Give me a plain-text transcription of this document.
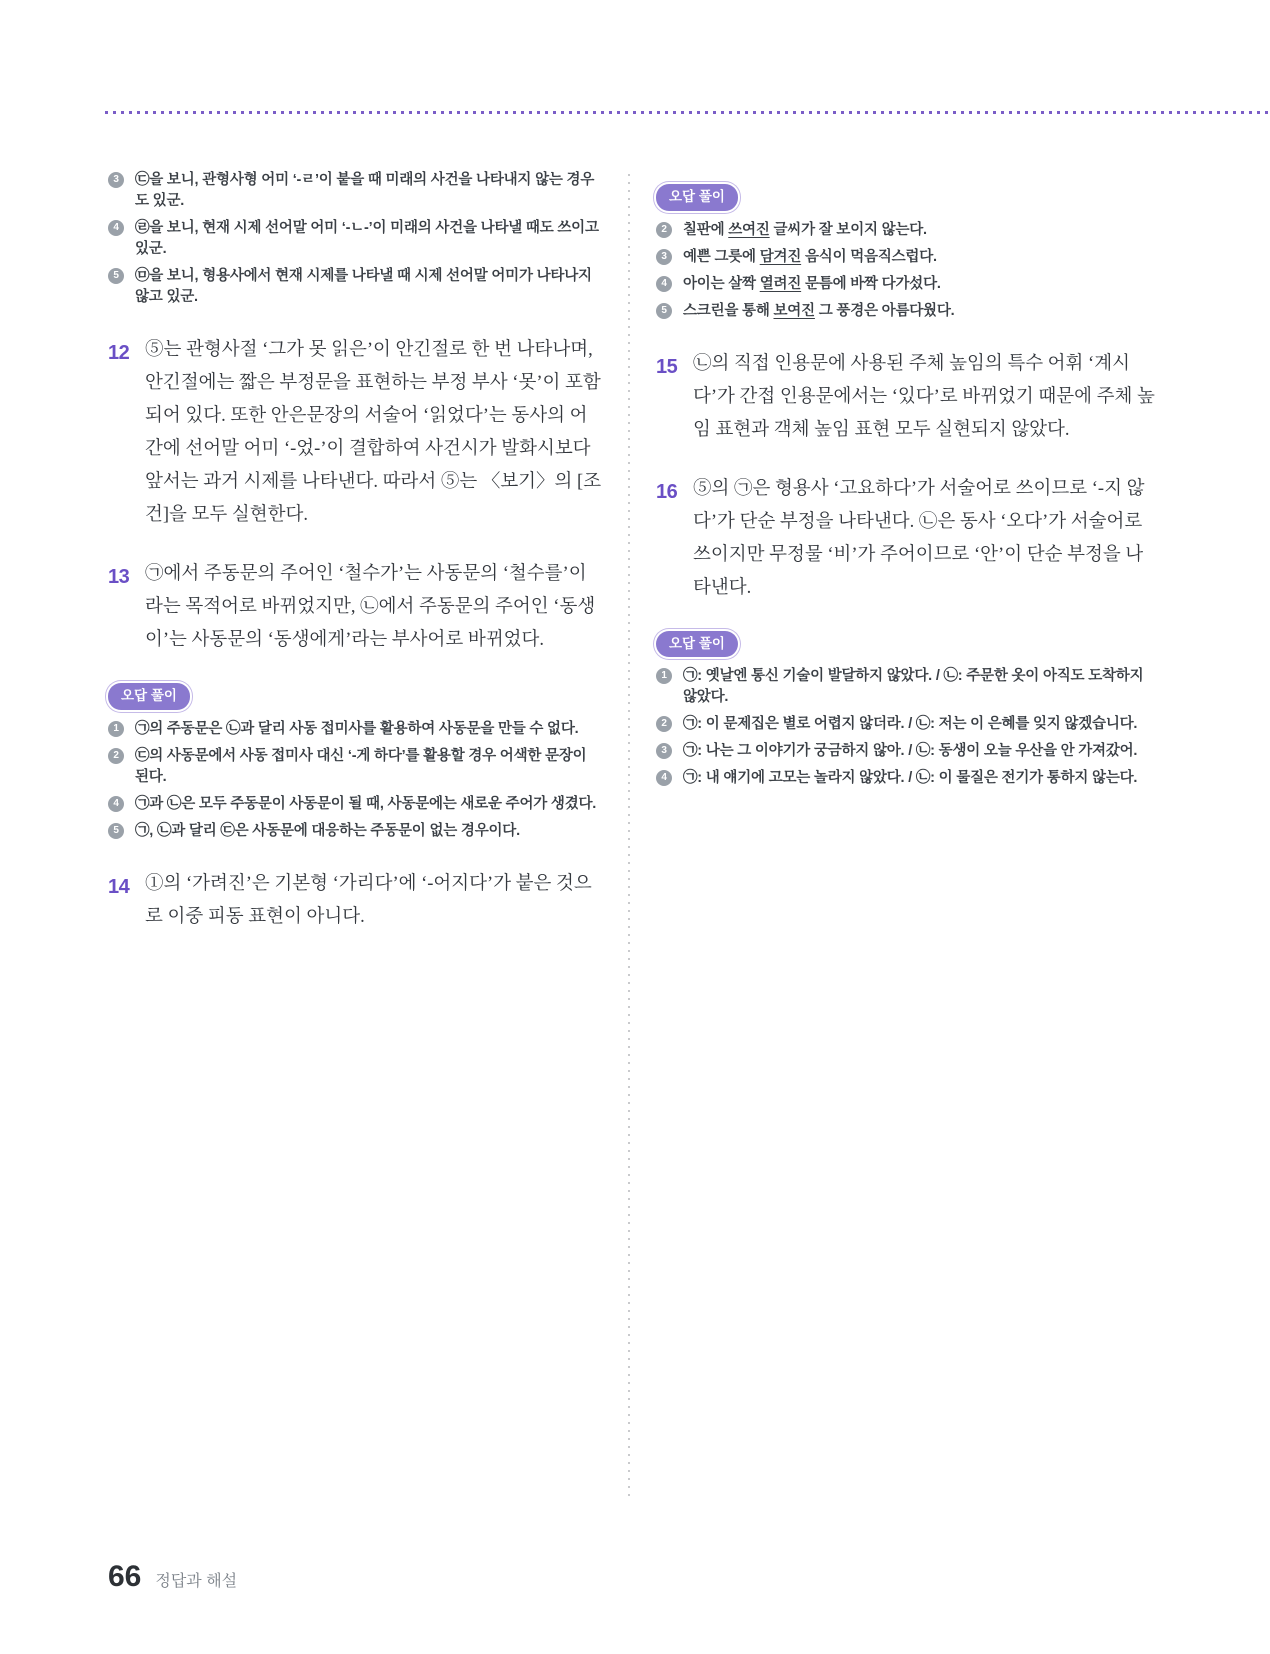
3	㉢을 보니, 관형사형 어미 ‘-ㄹ’이 붙을 때 미래의 사건을 나타내지 않는 경우도 있군.
4	㉣을 보니, 현재 시제 선어말 어미 ‘-ㄴ-’이 미래의 사건을 나타낼 때도 쓰이고 있군.
5	㉤을 보니, 형용사에서 현재 시제를 나타낼 때 시제 선어말 어미가 나타나지 않고 있군.
12 ⑤는 관형사절 ‘그가 못 읽은’이 안긴절로 한 번 나타나며, 안긴절에는 짧은 부정문을 표현하는 부정 부사 ‘못’이 포함되어 있다. 또한 안은문장의 서술어 ‘읽었다’는 동사의 어간에 선어말 어미 ‘-었-’이 결합하여 사건시가 발화시보다 앞서는 과거 시제를 나타낸다. 따라서 ⑤는 〈보기〉의 [조건]을 모두 실현한다.
13 ㉠에서 주동문의 주어인 ‘철수가’는 사동문의 ‘철수를’이라는 목적어로 바뀌었지만, ㉡에서 주동문의 주어인 ‘동생이’는 사동문의 ‘동생에게’라는 부사어로 바뀌었다.
오답 풀이
1	㉠의 주동문은 ㉡과 달리 사동 접미사를 활용하여 사동문을 만들 수 없다.
2	㉢의 사동문에서 사동 접미사 대신 ‘-게 하다’를 활용할 경우 어색한 문장이 된다.
4	㉠과 ㉡은 모두 주동문이 사동문이 될 때, 사동문에는 새로운 주어가 생겼다.
5	㉠, ㉡과 달리 ㉢은 사동문에 대응하는 주동문이 없는 경우이다.
14 ①의 ‘가려진’은 기본형 ‘가리다’에 ‘-어지다’가 붙은 것으로 이중 피동 표현이 아니다.
오답 풀이
2	칠판에 쓰여진 글씨가 잘 보이지 않는다.
3	예쁜 그릇에 담겨진 음식이 먹음직스럽다.
4	아이는 살짝 열려진 문틈에 바짝 다가섰다.
5	스크린을 통해 보여진 그 풍경은 아름다웠다.
15 ㉡의 직접 인용문에 사용된 주체 높임의 특수 어휘 ‘계시다’가 간접 인용문에서는 ‘있다’로 바뀌었기 때문에 주체 높임 표현과 객체 높임 표현 모두 실현되지 않았다.
16 ⑤의 ㉠은 형용사 ‘고요하다’가 서술어로 쓰이므로 ‘-지 않다’가 단순 부정을 나타낸다. ㉡은 동사 ‘오다’가 서술어로 쓰이지만 무정물 ‘비’가 주어이므로 ‘안’이 단순 부정을 나타낸다.
오답 풀이
1	㉠: 옛날엔 통신 기술이 발달하지 않았다. / ㉡: 주문한 옷이 아직도 도착하지 않았다.
2	㉠: 이 문제집은 별로 어렵지 않더라. / ㉡: 저는 이 은혜를 잊지 않겠습니다.
3	㉠: 나는 그 이야기가 궁금하지 않아. / ㉡: 동생이 오늘 우산을 안 가져갔어.
4	㉠: 내 얘기에 고모는 놀라지 않았다. / ㉡: 이 물질은 전기가 통하지 않는다.
66 정답과 해설
